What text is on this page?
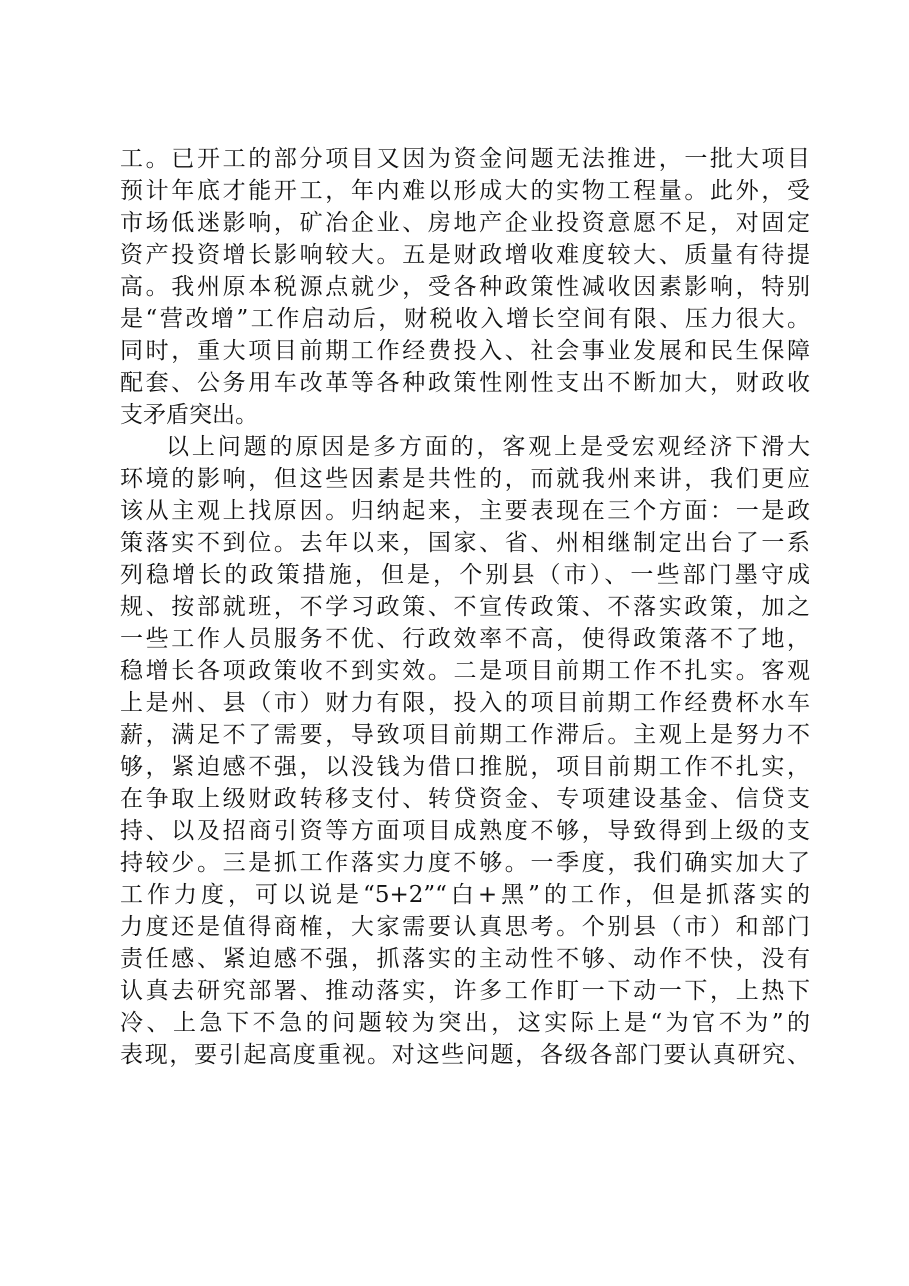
工。已开工的部分项目又因为资金问题无法推进，一批大项目
预计年底才能开工，年内难以形成大的实物工程量。此外，受
市场低迷影响，矿冶企业、房地产企业投资意愿不足，对固定
资产投资增长影响较大。五是财政增收难度较大、质量有待提
高。我州原本税源点就少，受各种政策性减收因素影响，特别
是“营改增”工作启动后，财税收入增长空间有限、压力很大。
同时，重大项目前期工作经费投入、社会事业发展和民生保障
配套、公务用车改革等各种政策性刚性支出不断加大，财政收
支矛盾突出。
以上问题的原因是多方面的，客观上是受宏观经济下滑大
环境的影响，但这些因素是共性的，而就我州来讲，我们更应
该从主观上找原因。归纳起来，主要表现在三个方面：一是政
策落实不到位。去年以来，国家、省、州相继制定出台了一系
列稳增长的政策措施，但是，个别县（市）、一些部门墨守成
规、按部就班，不学习政策、不宣传政策、不落实政策，加之
一些工作人员服务不优、行政效率不高，使得政策落不了地，
稳增长各项政策收不到实效。二是项目前期工作不扎实。客观
上是州、县（市）财力有限，投入的项目前期工作经费杯水车
薪，满足不了需要，导致项目前期工作滞后。主观上是努力不
够，紧迫感不强，以没钱为借口推脱，项目前期工作不扎实，
在争取上级财政转移支付、转贷资金、专项建设基金、信贷支
持、以及招商引资等方面项目成熟度不够，导致得到上级的支
持较少。三是抓工作落实力度不够。一季度，我们确实加大了
工作力度，可以说是“5+2”“白+黑”的工作，但是抓落实的
力度还是值得商榷，大家需要认真思考。个别县（市）和部门
责任感、紧迫感不强，抓落实的主动性不够、动作不快，没有
认真去研究部署、推动落实，许多工作盯一下动一下，上热下
冷、上急下不急的问题较为突出，这实际上是“为官不为”的
表现，要引起高度重视。对这些问题，各级各部门要认真研究、
